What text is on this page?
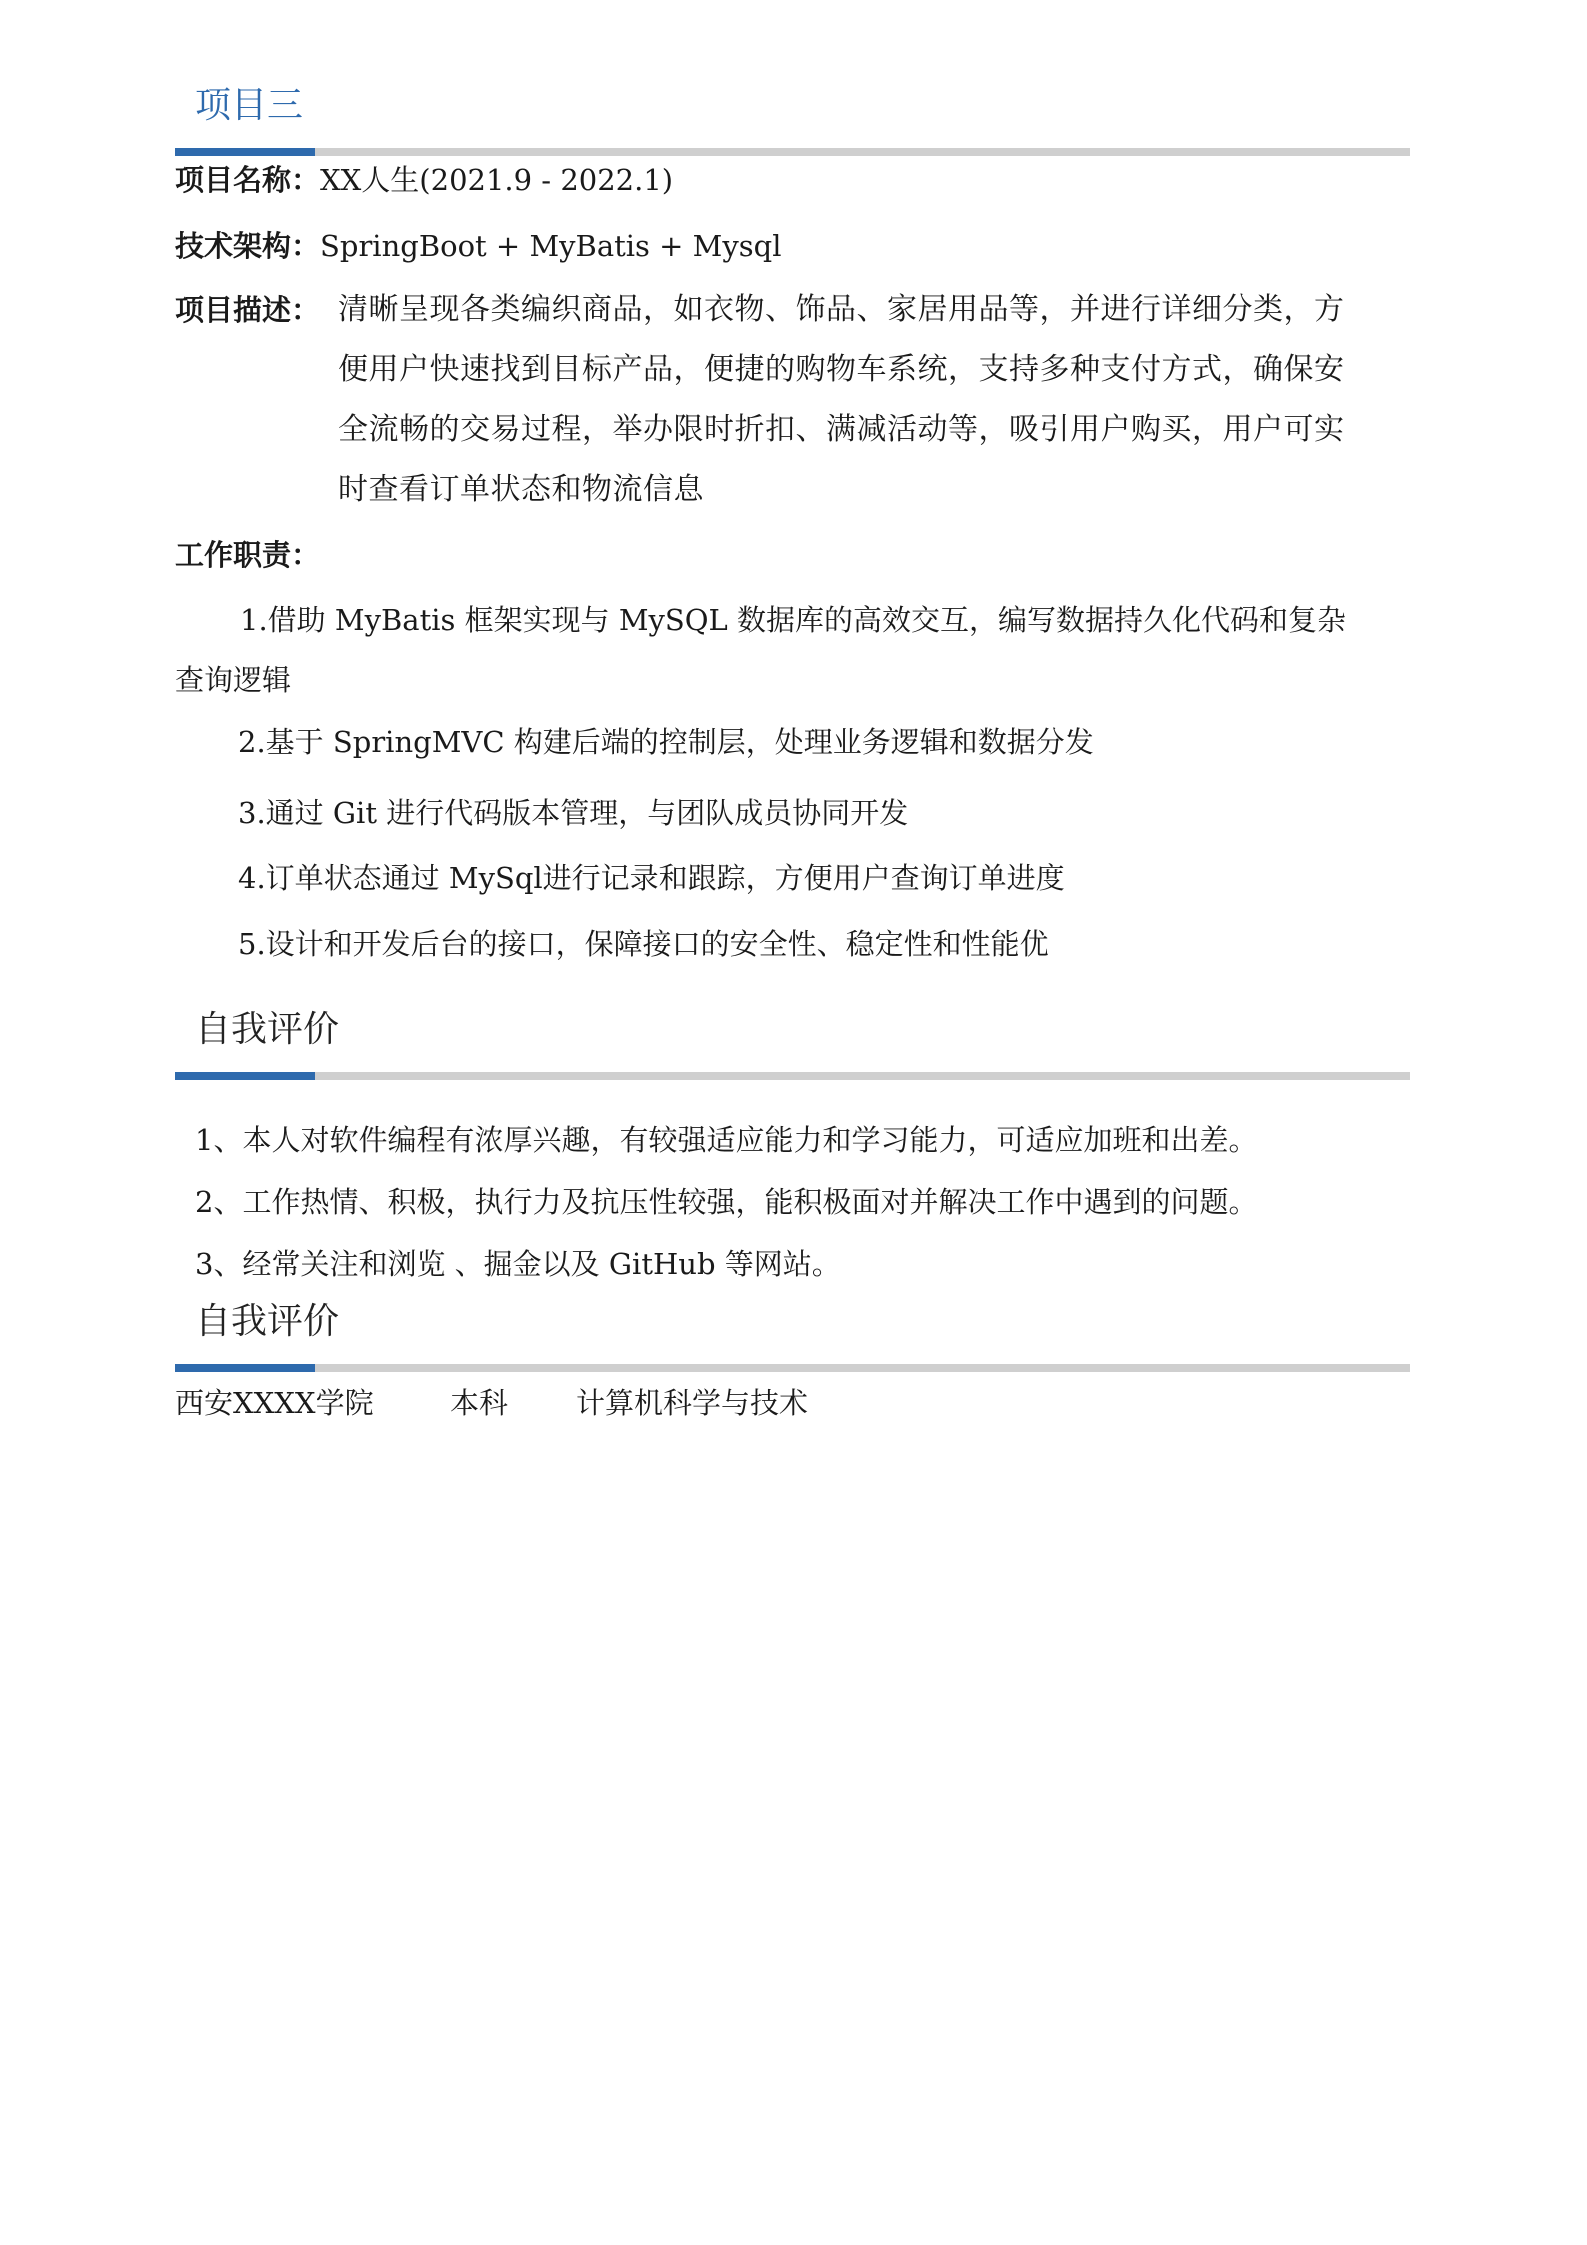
项目三
项目名称：XX人生(2021.9 - 2022.1)
技术架构：SpringBoot + MyBatis + Mysql
项目描述： 清晰呈现各类编织商品，如衣物、饰品、家居用品等，并进行详细分类，方
便用户快速找到目标产品，便捷的购物车系统，支持多种支付方式，确保安
全流畅的交易过程，举办限时折扣、满减活动等，吸引用户购买，用户可实
时查看订单状态和物流信息
工作职责：
1.借助 MyBatis 框架实现与 MySQL 数据库的高效交互，编写数据持久化代码和复杂
查询逻辑
2.基于 SpringMVC 构建后端的控制层，处理业务逻辑和数据分发
3.通过 Git 进行代码版本管理，与团队成员协同开发
4.订单状态通过 MySql进行记录和跟踪，方便用户查询订单进度
5.设计和开发后台的接口，保障接口的安全性、稳定性和性能优
自我评价
1、本人对软件编程有浓厚兴趣，有较强适应能力和学习能力，可适应加班和出差。
2、工作热情、积极，执行力及抗压性较强，能积极面对并解决工作中遇到的问题。
3、经常关注和浏览 、掘金以及 GitHub 等网站。
自我评价
西安XXXX学院	本科 计算机科学与技术
